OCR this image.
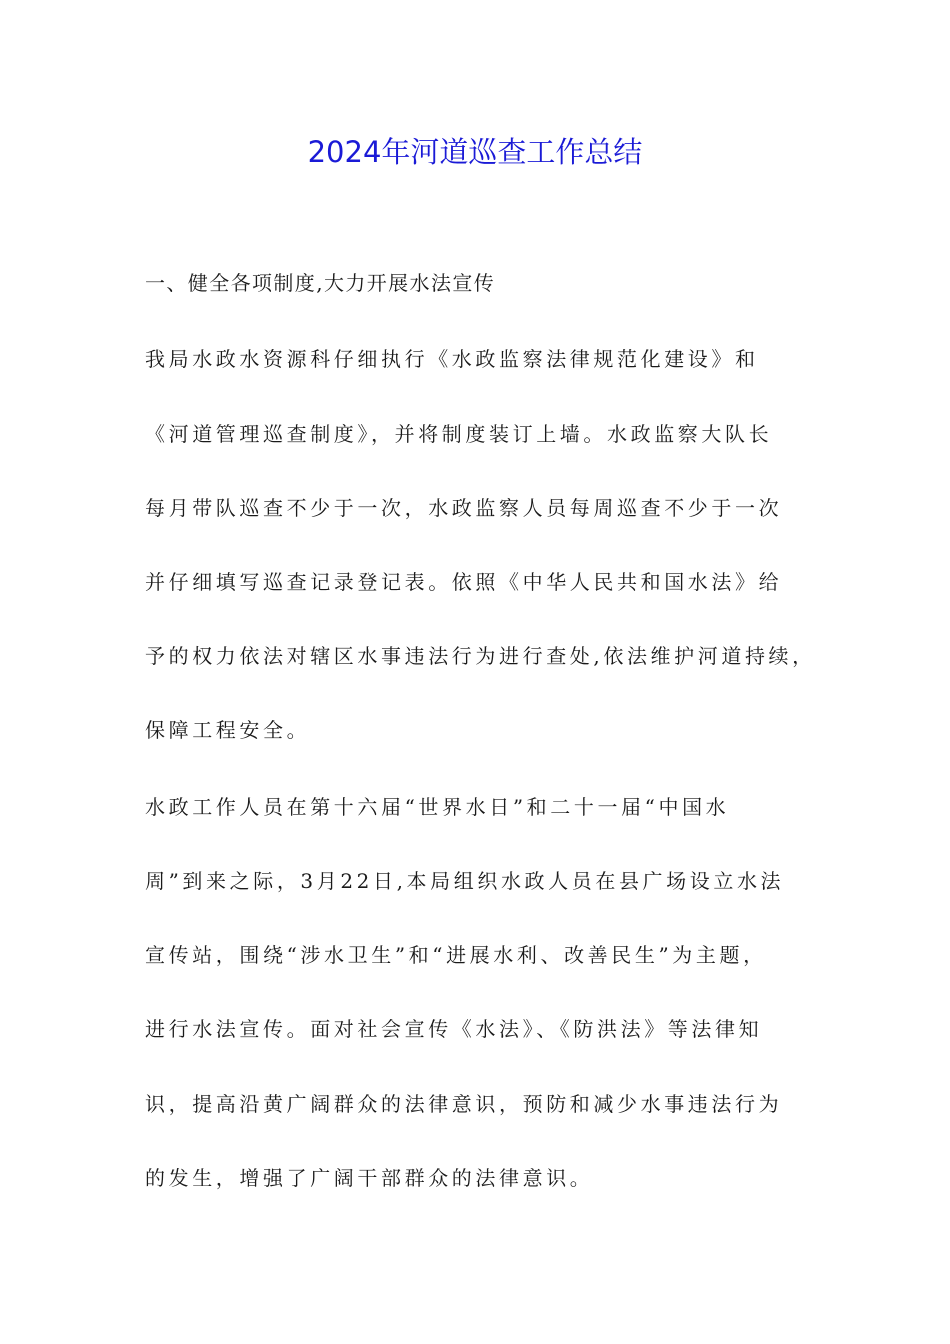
2024年河道巡查工作总结
一、健全各项制度,大力开展水法宣传
我局水政水资源科仔细执行《水政监察法律规范化建设》和
《河道管理巡查制度》，并将制度装订上墙。水政监察大队长
每月带队巡查不少于一次，水政监察人员每周巡查不少于一次
并仔细填写巡查记录登记表。依照《中华人民共和国水法》给
予的权力依法对辖区水事违法行为进行查处,依法维护河道持续，
保障工程安全。
水政工作人员在第十六届“世界水日”和二十一届“中国水
周”到来之际，3月22日,本局组织水政人员在县广场设立水法
宣传站，围绕“涉水卫生”和“进展水利、改善民生”为主题，
进行水法宣传。面对社会宣传《水法》、《防洪法》等法律知
识，提高沿黄广阔群众的法律意识，预防和减少水事违法行为
的发生，增强了广阔干部群众的法律意识。
